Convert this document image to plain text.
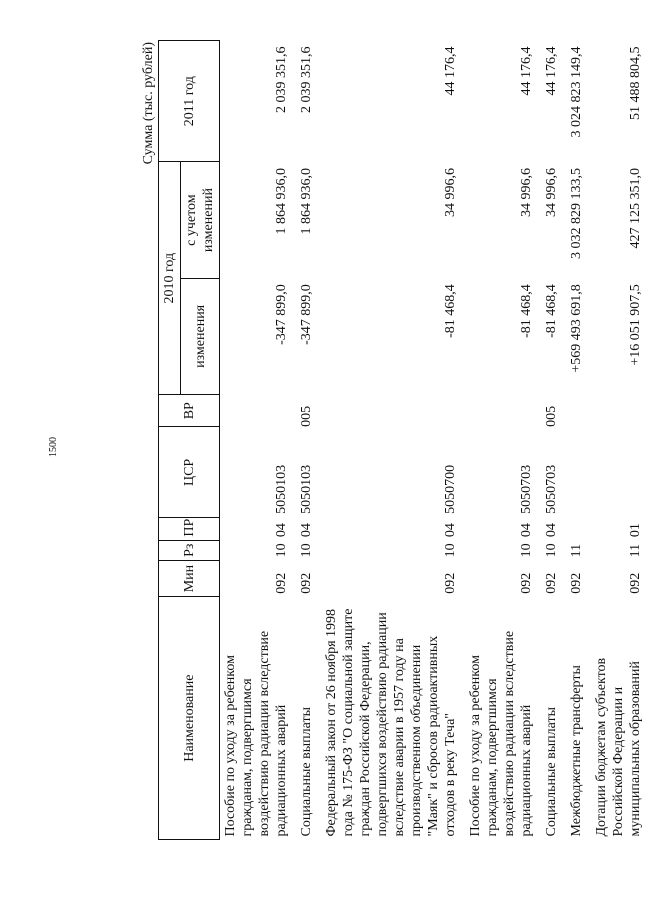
1500
Сумма (тыс. рублей)
Наименование	Мин	Рз	ПР	ЦСР	ВР	2010 год		2011 год
						изменения	с учетом изменений	
Пособие по уходу за ребенком гражданам, подвергшимся воздействию радиации вследствие радиационных аварий	092	10	04	5050103		-347 899,0	1 864 936,0	2 039 351,6

Социальные выплаты	092	10	04	5050103	005	-347 899,0	1 864 936,0	2 039 351,6

Федеральный закон от 26 ноября 1998 года № 175-ФЗ "О социальной защите граждан Российской Федерации, подвергшихся воздействию радиации вследствие аварии в 1957 году на производственном объединении "Маяк" и сбросов радиоактивных отходов в реку Теча"	092	10	04	5050700		-81 468,4	34 996,6	44 176,4

Пособие по уходу за ребенком гражданам, подвергшимся воздействию радиации вследствие радиационных аварий	092	10	04	5050703		-81 468,4	34 996,6	44 176,4

Социальные выплаты	092	10	04	5050703	005	-81 468,4	34 996,6	44 176,4

Межбюджетные трансферты	092	11				+569 493 691,8	3 032 829 133,5	3 024 823 149,4

Дотации бюджетам субъектов Российской Федерации и муниципальных образований	092	11	01			+16 051 907,5	427 125 351,0	51 488 804,5
